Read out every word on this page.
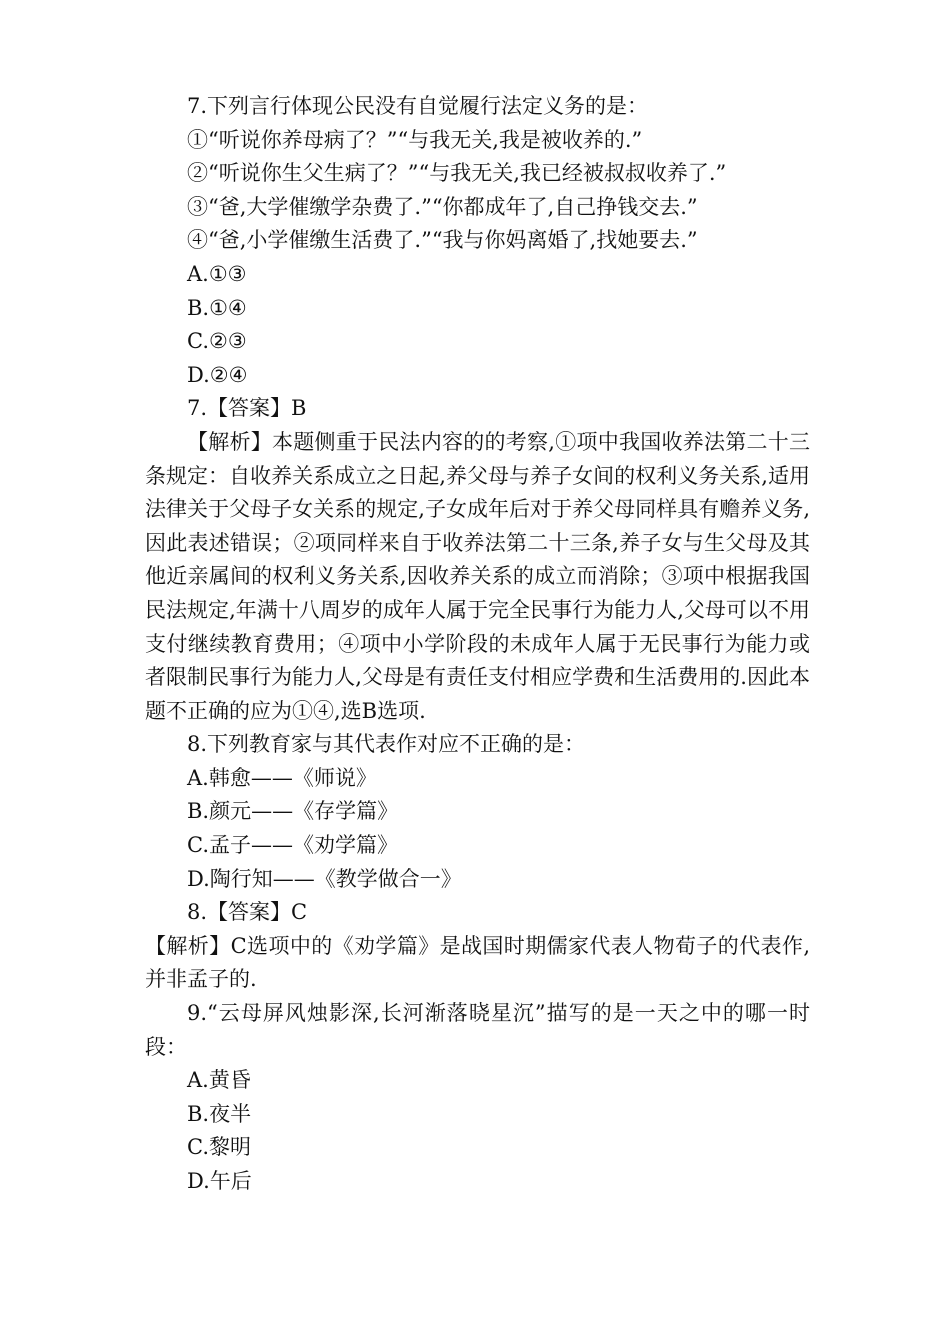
7.下列言行体现公民没有自觉履行法定义务的是：
①“听说你养母病了？”“与我无关,我是被收养的.”
②“听说你生父生病了？”“与我无关,我已经被叔叔收养了.”
③“爸,大学催缴学杂费了.”“你都成年了,自己挣钱交去.”
④“爸,小学催缴生活费了.”“我与你妈离婚了,找她要去.”
A.①③
B.①④
C.②③
D.②④
7.【答案】B
【解析】本题侧重于民法内容的的考察,①项中我国收养法第二十三条规定：自收养关系成立之日起,养父母与养子女间的权利义务关系,适用法律关于父母子女关系的规定,子女成年后对于养父母同样具有赡养义务,因此表述错误；②项同样来自于收养法第二十三条,养子女与生父母及其他近亲属间的权利义务关系,因收养关系的成立而消除；③项中根据我国民法规定,年满十八周岁的成年人属于完全民事行为能力人,父母可以不用支付继续教育费用；④项中小学阶段的未成年人属于无民事行为能力或者限制民事行为能力人,父母是有责任支付相应学费和生活费用的.因此本题不正确的应为①④,选B选项.
8.下列教育家与其代表作对应不正确的是：
A.韩愈——《师说》
B.颜元——《存学篇》
C.孟子——《劝学篇》
D.陶行知——《教学做合一》
8.【答案】C
【解析】C选项中的《劝学篇》是战国时期儒家代表人物荀子的代表作,并非孟子的.
9.“云母屏风烛影深,长河渐落晓星沉”描写的是一天之中的哪一时段：
A.黄昏
B.夜半
C.黎明
D.午后
